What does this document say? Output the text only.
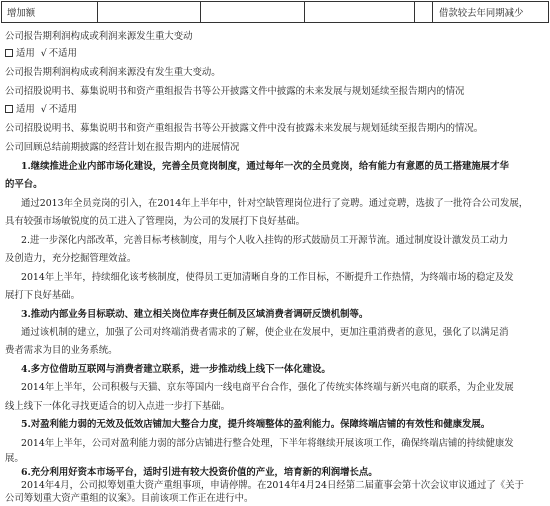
增加额					借款较去年同期减少
公司报告期利润构成或利润来源发生重大变动
适用 √ 不适用
公司报告期利润构成或利润来源没有发生重大变动。
公司招股说明书、募集说明书和资产重组报告书等公开披露文件中披露的未来发展与规划延续至报告期内的情况
适用 √ 不适用
公司招股说明书、募集说明书和资产重组报告书等公开披露文件中没有披露未来发展与规划延续至报告期内的情况。
公司回顾总结前期披露的经营计划在报告期内的进展情况
1.继续推进企业内部市场化建设，完善全员竞岗制度，通过每年一次的全员竞岗，给有能力有意愿的员工搭建施展才华
的平台。
通过2013年全员竞岗的引入，在2014年上半年中，针对空缺管理岗位进行了竞聘。通过竞聘，选拔了一批符合公司发展，
具有较强市场敏锐度的员工进入了管理岗，为公司的发展打下良好基础。
2.进一步深化内部改革，完善目标考核制度，用与个人收入挂钩的形式鼓励员工开源节流。通过制度设计激发员工动力
及创造力，充分挖掘管理效益。
2014年上半年，持续细化该考核制度，使得员工更加清晰自身的工作目标，不断提升工作热情，为终端市场的稳定及发
展打下良好基础。
3.推动内部业务目标联动、建立相关岗位库存责任制及区域消费者调研反馈机制等。
通过该机制的建立，加强了公司对终端消费者需求的了解，使企业在发展中，更加注重消费者的意见，强化了以满足消
费者需求为目的业务系统。
4.多方位借助互联网与消费者建立联系，进一步推动线上线下一体化建设。
2014年上半年，公司积极与天猫、京东等国内一线电商平台合作，强化了传统实体终端与新兴电商的联系，为企业发展
线上线下一体化寻找更适合的切入点进一步打下基础。
5.对盈利能力弱的无效及低效店铺加大整合力度，提升终端整体的盈利能力。保障终端店铺的有效性和健康发展。
2014年上半年，公司对盈利能力弱的部分店铺进行整合处理，下半年将继续开展该项工作，确保终端店铺的持续健康发
展。
6.充分利用好资本市场平台，适时引进有较大投资价值的产业，培育新的利润增长点。
2014年4月，公司拟筹划重大资产重组事项，申请停牌。在2014年4月24日经第二届董事会第十次会议审议通过了《关于
公司筹划重大资产重组的议案》。目前该项工作正在进行中。
